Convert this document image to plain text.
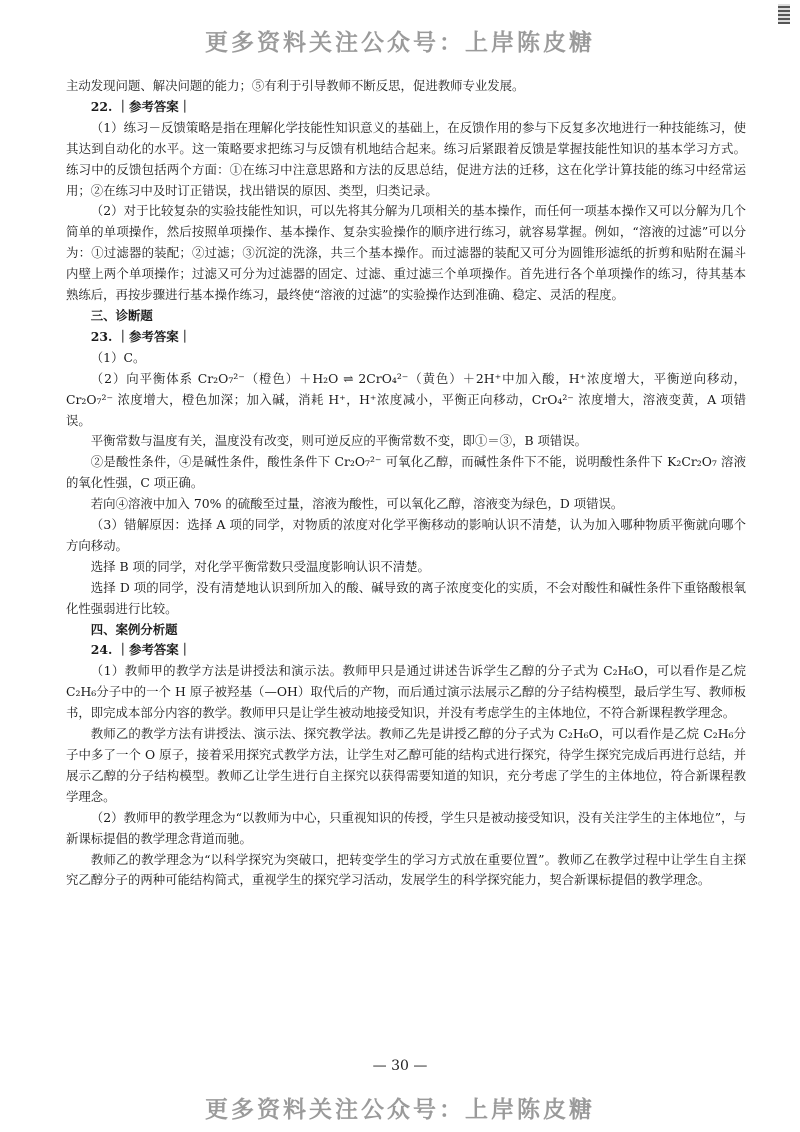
更多资料关注公众号：上岸陈皮糖

主动发现问题、解决问题的能力；⑤有利于引导教师不断反思，促进教师专业发展。

22. ｜参考答案｜

（1）练习－反馈策略是指在理解化学技能性知识意义的基础上，在反馈作用的参与下反复多次地进行一种技能练习，使其达到自动化的水平。这一策略要求把练习与反馈有机地结合起来。练习后紧跟着反馈是掌握技能性知识的基本学习方式。练习中的反馈包括两个方面：①在练习中注意思路和方法的反思总结，促进方法的迁移，这在化学计算技能的练习中经常运用；②在练习中及时订正错误，找出错误的原因、类型，归类记录。

（2）对于比较复杂的实验技能性知识，可以先将其分解为几项相关的基本操作，而任何一项基本操作又可以分解为几个简单的单项操作，然后按照单项操作、基本操作、复杂实验操作的顺序进行练习，就容易掌握。例如，“溶液的过滤”可以分为：①过滤器的装配；②过滤；③沉淀的洗涤，共三个基本操作。而过滤器的装配又可分为圆锥形滤纸的折剪和贴附在漏斗内壁上两个单项操作；过滤又可分为过滤器的固定、过滤、重过滤三个单项操作。首先进行各个单项操作的练习，待其基本熟练后，再按步骤进行基本操作练习，最终使“溶液的过滤”的实验操作达到准确、稳定、灵活的程度。

三、诊断题

23. ｜参考答案｜

（1）C。

（2）向平衡体系 Cr₂O₇²⁻（橙色）＋H₂O ⇌ 2CrO₄²⁻（黄色）＋2H⁺中加入酸，H⁺浓度增大，平衡逆向移动，Cr₂O₇²⁻ 浓度增大，橙色加深；加入碱，消耗 H⁺，H⁺浓度减小，平衡正向移动，CrO₄²⁻ 浓度增大，溶液变黄，A 项错误。

平衡常数与温度有关，温度没有改变，则可逆反应的平衡常数不变，即①＝③，B 项错误。

②是酸性条件，④是碱性条件，酸性条件下 Cr₂O₇²⁻ 可氧化乙醇，而碱性条件下不能，说明酸性条件下 K₂Cr₂O₇ 溶液的氧化性强，C 项正确。

若向④溶液中加入 70% 的硫酸至过量，溶液为酸性，可以氧化乙醇，溶液变为绿色，D 项错误。

（3）错解原因：选择 A 项的同学，对物质的浓度对化学平衡移动的影响认识不清楚，认为加入哪种物质平衡就向哪个方向移动。

选择 B 项的同学，对化学平衡常数只受温度影响认识不清楚。

选择 D 项的同学，没有清楚地认识到所加入的酸、碱导致的离子浓度变化的实质，不会对酸性和碱性条件下重铬酸根氧化性强弱进行比较。

四、案例分析题

24. ｜参考答案｜

（1）教师甲的教学方法是讲授法和演示法。教师甲只是通过讲述告诉学生乙醇的分子式为 C₂H₆O，可以看作是乙烷 C₂H₆分子中的一个 H 原子被羟基（—OH）取代后的产物，而后通过演示法展示乙醇的分子结构模型，最后学生写、教师板书，即完成本部分内容的教学。教师甲只是让学生被动地接受知识，并没有考虑学生的主体地位，不符合新课程教学理念。

教师乙的教学方法有讲授法、演示法、探究教学法。教师乙先是讲授乙醇的分子式为 C₂H₆O，可以看作是乙烷 C₂H₆分子中多了一个 O 原子，接着采用探究式教学方法，让学生对乙醇可能的结构式进行探究，待学生探究完成后再进行总结，并展示乙醇的分子结构模型。教师乙让学生进行自主探究以获得需要知道的知识，充分考虑了学生的主体地位，符合新课程教学理念。

（2）教师甲的教学理念为“以教师为中心，只重视知识的传授，学生只是被动接受知识，没有关注学生的主体地位”，与新课标提倡的教学理念背道而驰。

教师乙的教学理念为“以科学探究为突破口，把转变学生的学习方式放在重要位置”。教师乙在教学过程中让学生自主探究乙醇分子的两种可能结构简式，重视学生的探究学习活动，发展学生的科学探究能力，契合新课标提倡的教学理念。

— 30 —
更多资料关注公众号：上岸陈皮糖
